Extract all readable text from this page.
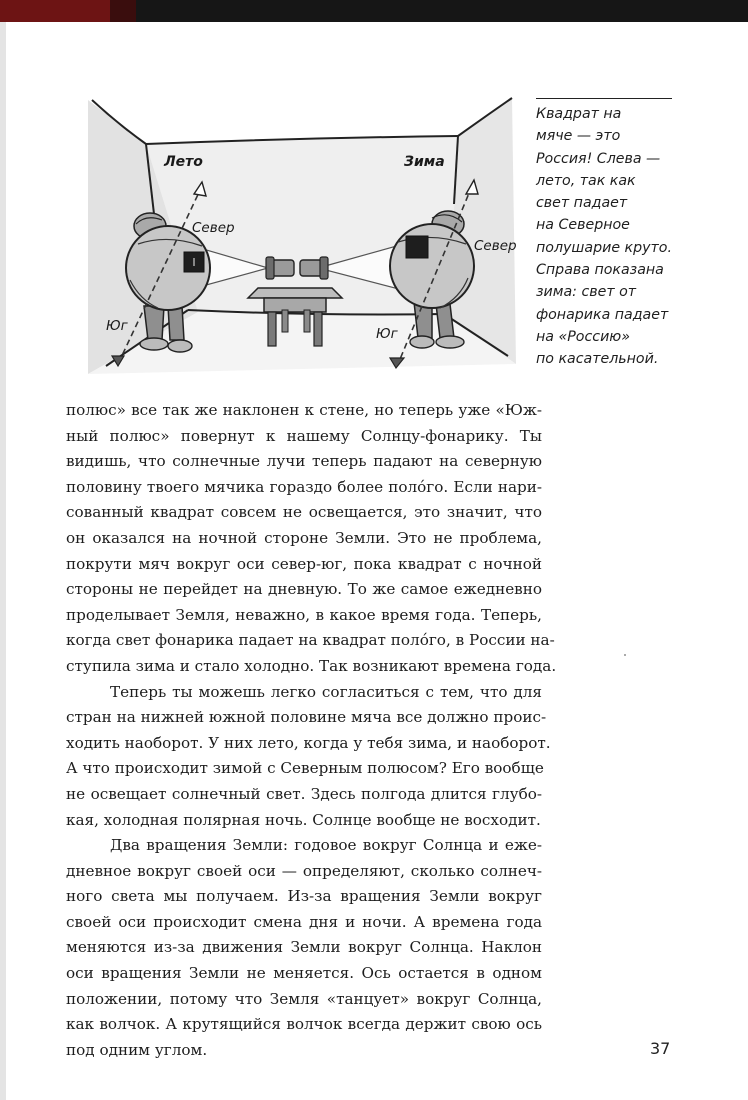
Лето	Зима
Север
Север
Юг	Юг

Квадрат на
мяче — это
Россия! Слева —
лето, так как
свет падает
на Северное
полушарие круто.
Справа показана
зима: свет от
фонарика падает
на «Россию»
по касательной.

полюс» все так же наклонен к стене, но теперь уже «Юж-
ный полюс» повернут к нашему Солнцу-фонарику. Ты
видишь, что солнечные лучи теперь падают на северную
половину твоего мячика гораздо более поло́го. Если нари-
сованный квадрат совсем не освещается, это значит, что
он оказался на ночной стороне Земли. Это не проблема,
покрути мяч вокруг оси север-юг, пока квадрат с ночной
стороны не перейдет на дневную. То же самое ежедневно
проделывает Земля, неважно, в какое время года. Теперь,
когда свет фонарика падает на квадрат поло́го, в России на-
ступила зима и стало холодно. Так возникают времена года.
Теперь ты можешь легко согласиться с тем, что для
стран на нижней южной половине мяча все должно проис-
ходить наоборот. У них лето, когда у тебя зима, и наоборот.
А что происходит зимой с Северным полюсом? Его вообще
не освещает солнечный свет. Здесь полгода длится глубо-
кая, холодная полярная ночь. Солнце вообще не восходит.
Два вращения Земли: годовое вокруг Солнца и еже-
дневное вокруг своей оси — определяют, сколько солнеч-
ного света мы получаем. Из-за вращения Земли вокруг
своей оси происходит смена дня и ночи. А времена года
меняются из-за движения Земли вокруг Солнца. Наклон
оси вращения Земли не меняется. Ось остается в одном
положении, потому что Земля «танцует» вокруг Солнца,
как волчок. А крутящийся волчок всегда держит свою ось
под одним углом.	37
